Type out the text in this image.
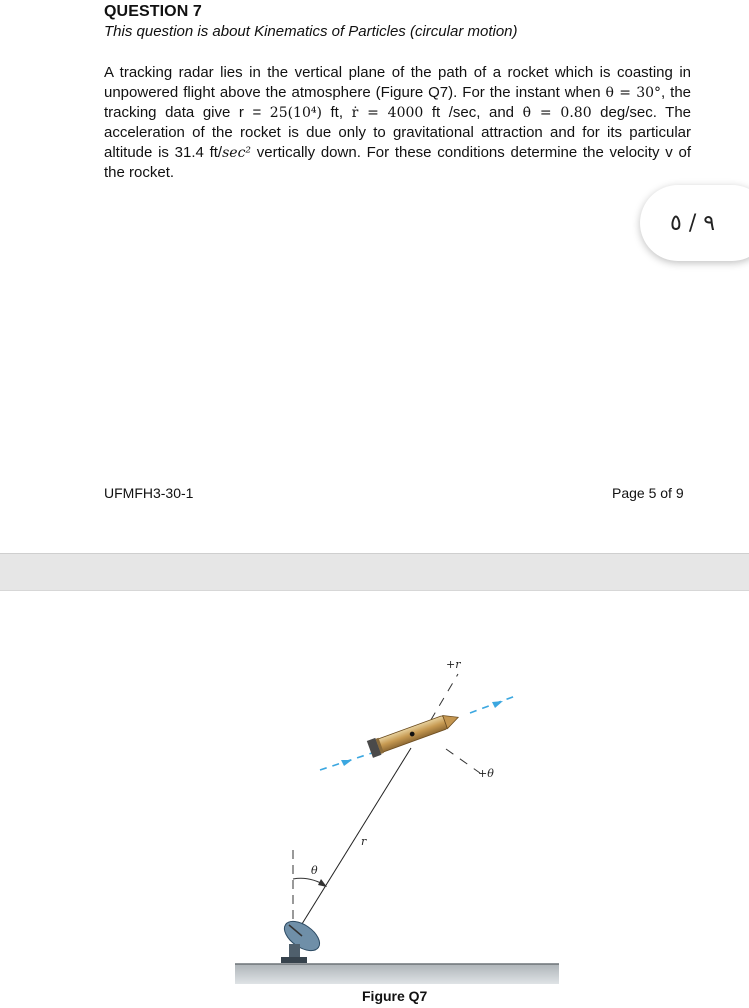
QUESTION 7
This question is about Kinematics of Particles (circular motion)
A tracking radar lies in the vertical plane of the path of a rocket which is coasting in unpowered flight above the atmosphere (Figure Q7). For the instant when θ = 30°, the tracking data give r = 25(10⁴) ft, ṙ = 4000 ft /sec, and θ̇ = 0.80 deg/sec. The acceleration of the rocket is due only to gravitational attraction and for its particular altitude is 31.4 ft/sec² vertically down. For these conditions determine the velocity v of the rocket.
٩ / ٥
UFMFH3-30-1	Page 5 of 9
+r
+θ
r
θ
Figure Q7
